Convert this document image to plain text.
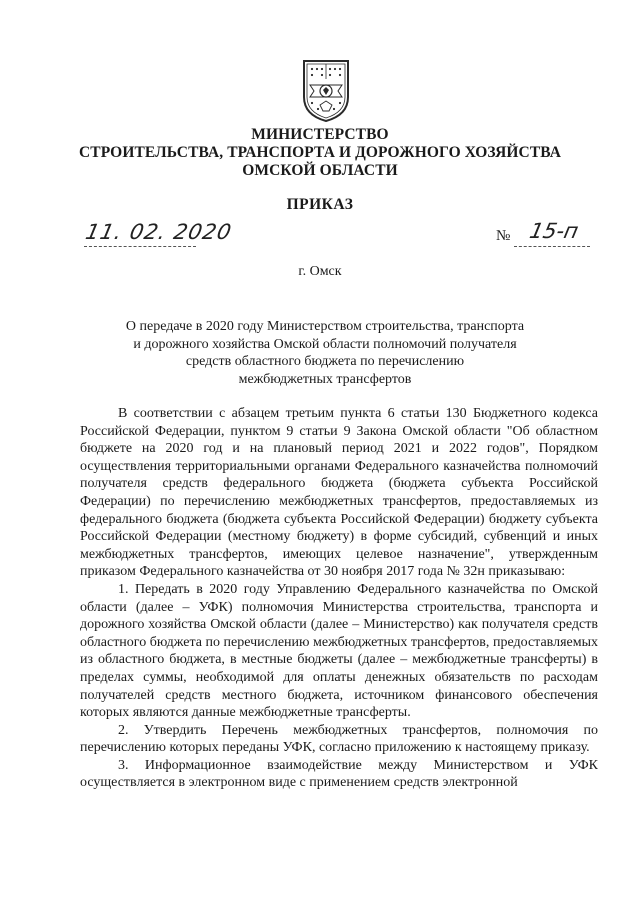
МИНИСТЕРСТВО
СТРОИТЕЛЬСТВА, ТРАНСПОРТА И ДОРОЖНОГО ХОЗЯЙСТВА
ОМСКОЙ ОБЛАСТИ
ПРИКАЗ
11. 02. 2020	№ 15-п
г. Омск
О передаче в 2020 году Министерством строительства, транспорта
и дорожного хозяйства Омской области полномочий получателя
средств областного бюджета по перечислению
межбюджетных трансфертов

В соответствии с абзацем третьим пункта 6 статьи 130 Бюджетного кодекса Российской Федерации, пунктом 9 статьи 9 Закона Омской области "Об областном бюджете на 2020 год и на плановый период 2021 и 2022 годов", Порядком осуществления территориальными органами Федерального казначейства полномочий получателя средств федерального бюджета (бюджета субъекта Российской Федерации) по перечислению межбюджетных трансфертов, предоставляемых из федерального бюджета (бюджета субъекта Российской Федерации) бюджету субъекта Российской Федерации (местному бюджету) в форме субсидий, субвенций и иных межбюджетных трансфертов, имеющих целевое назначение", утвержденным приказом Федерального казначейства от 30 ноября 2017 года № 32н приказываю:

1. Передать в 2020 году Управлению Федерального казначейства по Омской области (далее – УФК) полномочия Министерства строительства, транспорта и дорожного хозяйства Омской области (далее – Министерство) как получателя средств областного бюджета по перечислению межбюджетных трансфертов, предоставляемых из областного бюджета, в местные бюджеты (далее – межбюджетные трансферты) в пределах суммы, необходимой для оплаты денежных обязательств по расходам получателей средств местного бюджета, источником финансового обеспечения которых являются данные межбюджетные трансферты.

2. Утвердить Перечень межбюджетных трансфертов, полномочия по перечислению которых переданы УФК, согласно приложению к настоящему приказу.

3. Информационное взаимодействие между Министерством и УФК осуществляется в электронном виде с применением средств электронной
